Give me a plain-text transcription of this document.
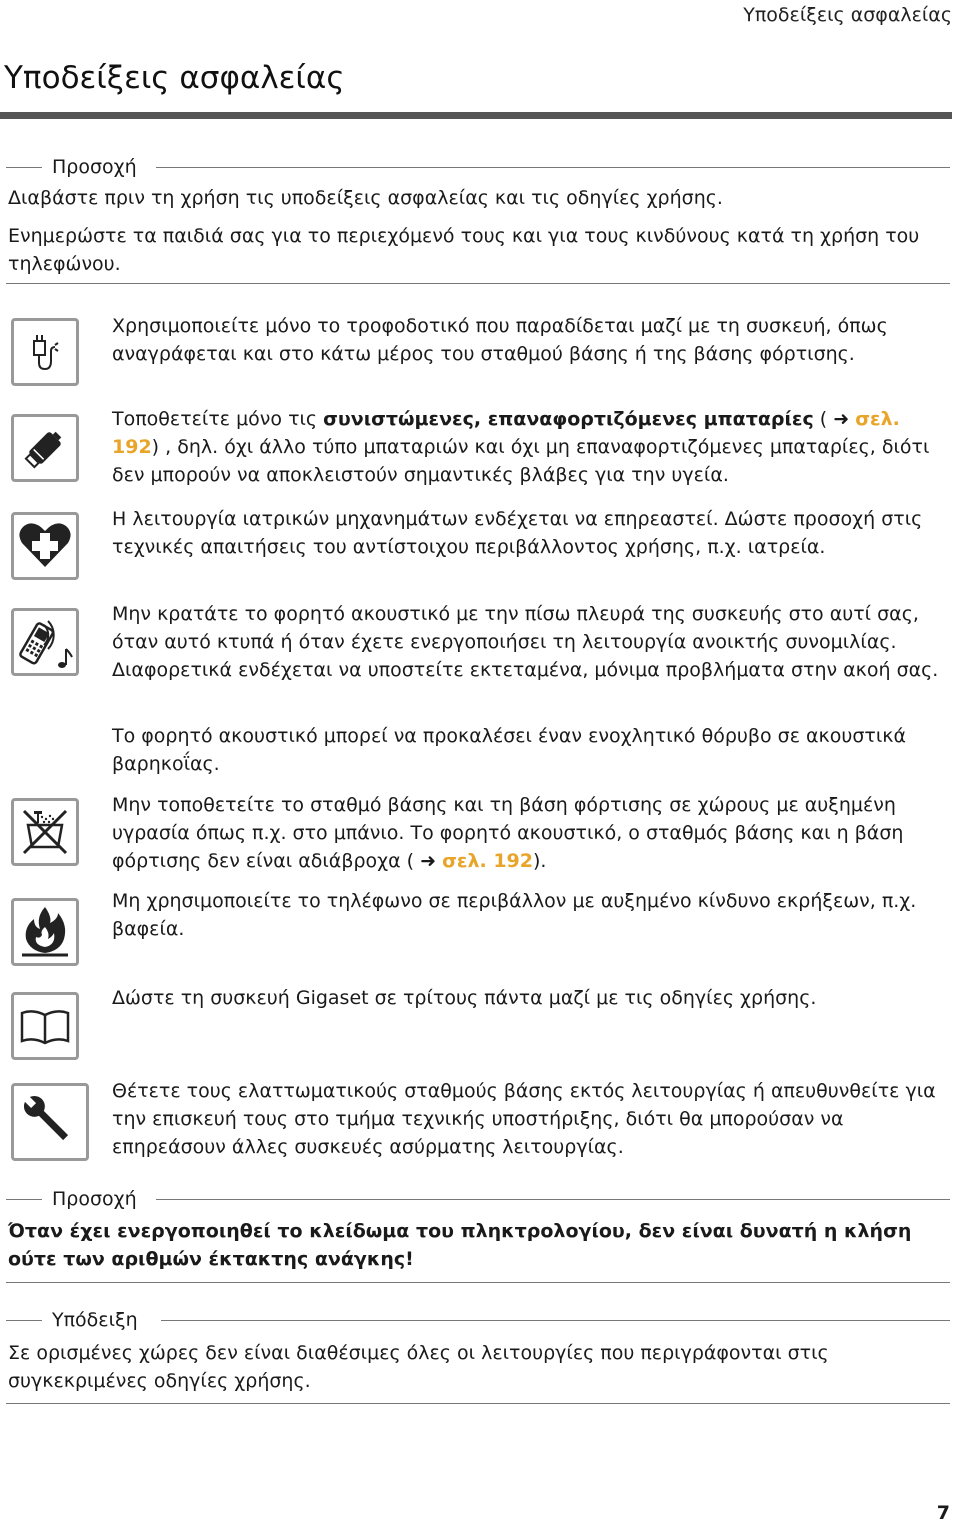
Υποδείξεις ασφαλείας
Υποδείξεις ασφαλείας
Προσοχή

Διαβάστε πριν τη χρήση τις υποδείξεις ασφαλείας και τις οδηγίες χρήσης.

Ενημερώστε τα παιδιά σας για το περιεχόμενό τους και για τους κινδύνους κατά τη χρήση του τηλεφώνου.

Χρησιμοποιείτε μόνο το τροφοδοτικό που παραδίδεται μαζί με τη συσκευή, όπως αναγράφεται και στο κάτω μέρος του σταθμού βάσης ή της βάσης φόρτισης.

Τοποθετείτε μόνο τις συνιστώμενες, επαναφορτιζόμενες μπαταρίες ( ➜ σελ. 192) , δηλ. όχι άλλο τύπο μπαταριών και όχι μη επαναφορτιζόμενες μπαταρίες, διότι δεν μπορούν να αποκλειστούν σημαντικές βλάβες για την υγεία.

Η λειτουργία ιατρικών μηχανημάτων ενδέχεται να επηρεαστεί. Δώστε προσοχή στις τεχνικές απαιτήσεις του αντίστοιχου περιβάλλοντος χρήσης, π.χ. ιατρεία.

Μην κρατάτε το φορητό ακουστικό με την πίσω πλευρά της συσκευής στο αυτί σας, όταν αυτό κτυπά ή όταν έχετε ενεργοποιήσει τη λειτουργία ανοικτής συνομιλίας. Διαφορετικά ενδέχεται να υποστείτε εκτεταμένα, μόνιμα προβλήματα στην ακοή σας.

Το φορητό ακουστικό μπορεί να προκαλέσει έναν ενοχλητικό θόρυβο σε ακουστικά βαρηκοΐας.

Μην τοποθετείτε το σταθμό βάσης και τη βάση φόρτισης σε χώρους με αυξημένη υγρασία όπως π.χ. στο μπάνιο. Το φορητό ακουστικό, ο σταθμός βάσης και η βάση φόρτισης δεν είναι αδιάβροχα ( ➜ σελ. 192).

Μη χρησιμοποιείτε το τηλέφωνο σε περιβάλλον με αυξημένο κίνδυνο εκρήξεων, π.χ. βαφεία.

Δώστε τη συσκευή Gigaset σε τρίτους πάντα μαζί με τις οδηγίες χρήσης.

Θέτετε τους ελαττωματικούς σταθμούς βάσης εκτός λειτουργίας ή απευθυνθείτε για την επισκευή τους στο τμήμα τεχνικής υποστήριξης, διότι θα μπορούσαν να επηρεάσουν άλλες συσκευές ασύρματης λειτουργίας.

Προσοχή

Όταν έχει ενεργοποιηθεί το κλείδωμα του πληκτρολογίου, δεν είναι δυνατή η κλήση ούτε των αριθμών έκτακτης ανάγκης!

Υπόδειξη

Σε ορισμένες χώρες δεν είναι διαθέσιμες όλες οι λειτουργίες που περιγράφονται στις συγκεκριμένες οδηγίες χρήσης.

7
